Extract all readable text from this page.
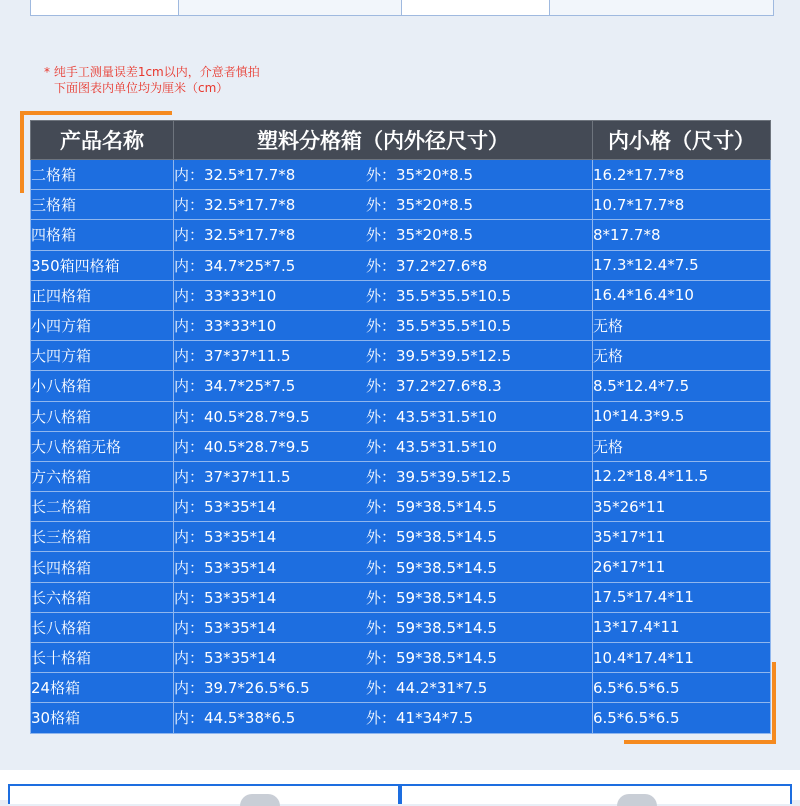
* 纯手工测量误差1cm以内，介意者慎拍
下面图表内单位均为厘米（cm）
产品名称	塑料分格箱（内外径尺寸）	内小格（尺寸）
二格箱	内：32.5*17.7*8 外：35*20*8.5	16.2*17.7*8
三格箱	内：32.5*17.7*8 外：35*20*8.5	10.7*17.7*8
四格箱	内：32.5*17.7*8 外：35*20*8.5	8*17.7*8
350箱四格箱	内：34.7*25*7.5 外：37.2*27.6*8	17.3*12.4*7.5
正四格箱	内：33*33*10 外：35.5*35.5*10.5	16.4*16.4*10
小四方箱	内：33*33*10 外：35.5*35.5*10.5	无格
大四方箱	内：37*37*11.5 外：39.5*39.5*12.5	无格
小八格箱	内：34.7*25*7.5 外：37.2*27.6*8.3	8.5*12.4*7.5
大八格箱	内：40.5*28.7*9.5 外：43.5*31.5*10	10*14.3*9.5
大八格箱无格	内：40.5*28.7*9.5 外：43.5*31.5*10	无格
方六格箱	内：37*37*11.5 外：39.5*39.5*12.5	12.2*18.4*11.5
长二格箱	内：53*35*14 外：59*38.5*14.5	35*26*11
长三格箱	内：53*35*14 外：59*38.5*14.5	35*17*11
长四格箱	内：53*35*14 外：59*38.5*14.5	26*17*11
长六格箱	内：53*35*14 外：59*38.5*14.5	17.5*17.4*11
长八格箱	内：53*35*14 外：59*38.5*14.5	13*17.4*11
长十格箱	内：53*35*14 外：59*38.5*14.5	10.4*17.4*11
24格箱	内：39.7*26.5*6.5 外：44.2*31*7.5	6.5*6.5*6.5
30格箱	内：44.5*38*6.5 外：41*34*7.5	6.5*6.5*6.5
